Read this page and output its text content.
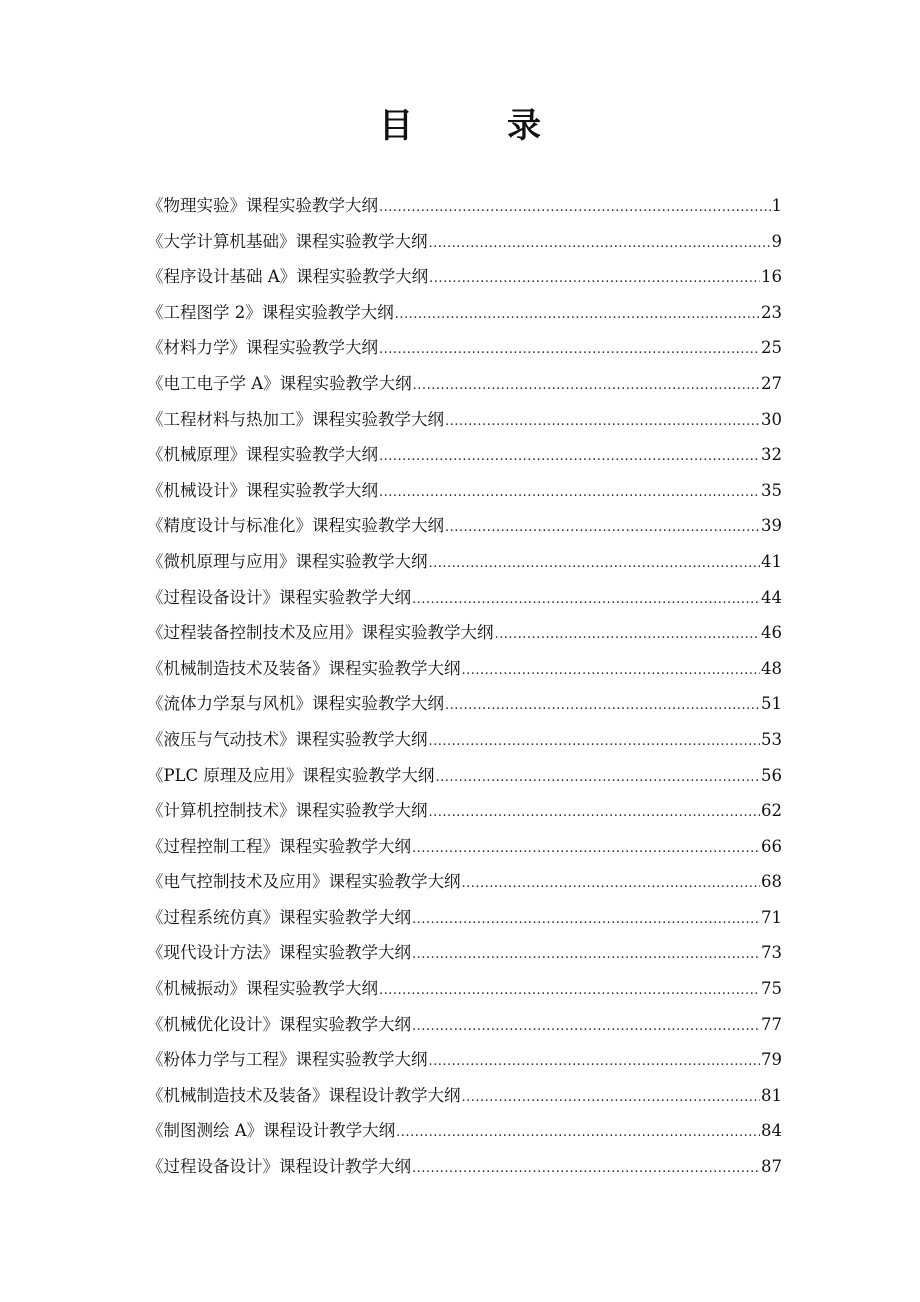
目　录
《物理实验》课程实验教学大纲 .....	1
《大学计算机基础》课程实验教学大纲 .....	9
《程序设计基础 A》课程实验教学大纲 .....	16
《工程图学 2》课程实验教学大纲 .....	23
《材料力学》课程实验教学大纲 .....	25
《电工电子学 A》课程实验教学大纲 .....	27
《工程材料与热加工》课程实验教学大纲 .....	30
《机械原理》课程实验教学大纲 .....	32
《机械设计》课程实验教学大纲 .....	35
《精度设计与标准化》课程实验教学大纲 .....	39
《微机原理与应用》课程实验教学大纲 .....	41
《过程设备设计》课程实验教学大纲 .....	44
《过程装备控制技术及应用》课程实验教学大纲 .....	46
《机械制造技术及装备》课程实验教学大纲 .....	48
《流体力学泵与风机》课程实验教学大纲 .....	51
《液压与气动技术》课程实验教学大纲 .....	53
《PLC 原理及应用》课程实验教学大纲 .....	56
《计算机控制技术》课程实验教学大纲 .....	62
《过程控制工程》课程实验教学大纲 .....	66
《电气控制技术及应用》课程实验教学大纲 .....	68
《过程系统仿真》课程实验教学大纲 .....	71
《现代设计方法》课程实验教学大纲 .....	73
《机械振动》课程实验教学大纲 .....	75
《机械优化设计》课程实验教学大纲 .....	77
《粉体力学与工程》课程实验教学大纲 .....	79
《机械制造技术及装备》课程设计教学大纲 .....	81
《制图测绘 A》课程设计教学大纲 .....	84
《过程设备设计》课程设计教学大纲 .....	87
